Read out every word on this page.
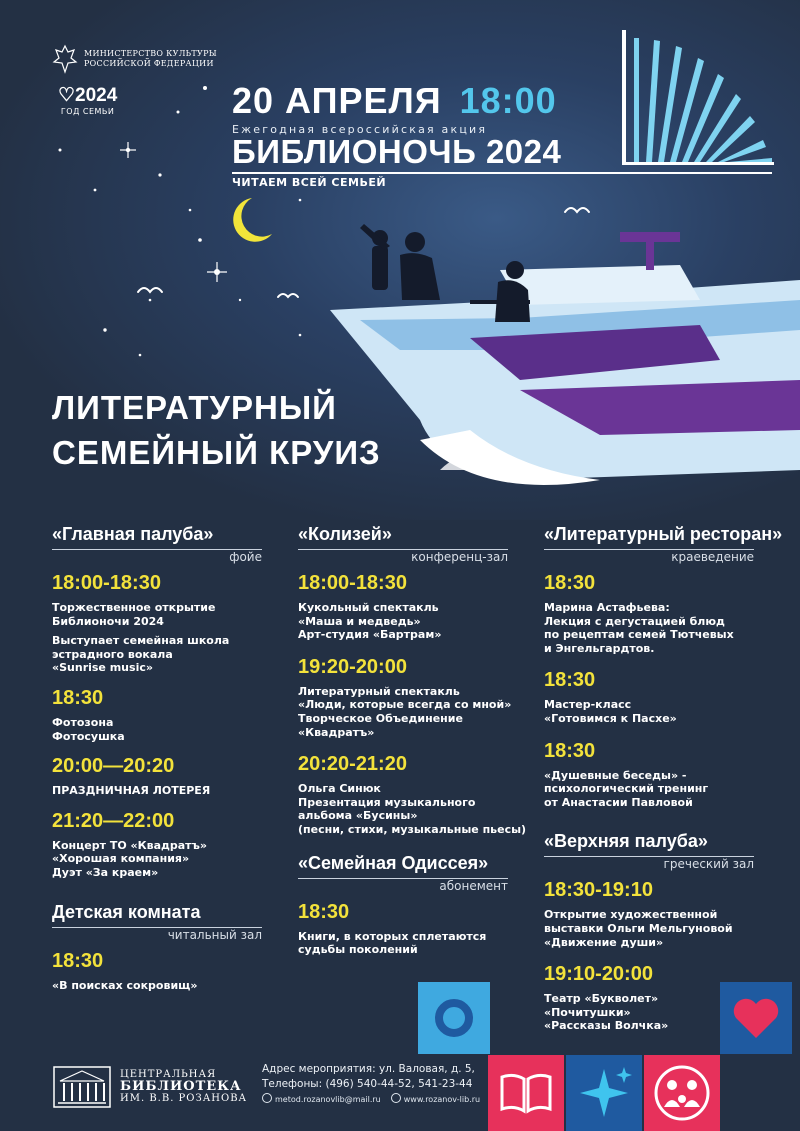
МИНИСТЕРСТВО КУЛЬТУРЫ
РОССИЙСКОЙ ФЕДЕРАЦИИ
♡2024
ГОД СЕМЬИ	20 АПРЕЛЯ 18:00
Ежегодная всероссийская акция
БИБЛИОНОЧЬ 2024
ЧИТАЕМ ВСЕЙ СЕМЬЕЙ
ЛИТЕРАТУРНЫЙ
СЕМЕЙНЫЙ КРУИЗ
«Главная палуба»
фойе
18:00-18:30
Торжественное открытие
Библионочи 2024
Выступает семейная школа
эстрадного вокала
«Sunrise music»
18:30
Фотозона
Фотосушка
20:00—20:20
ПРАЗДНИЧНАЯ ЛОТЕРЕЯ
21:20—22:00
Концерт ТО «Квадратъ»
«Хорошая компания»
Дуэт «За краем»
Детская комната
читальный зал
18:30
«В поисках сокровищ»
«Колизей»
конференц-зал
18:00-18:30
Кукольный спектакль
«Маша и медведь»
Арт-студия «Бартрам»
19:20-20:00
Литературный спектакль
«Люди, которые всегда со мной»
Творческое Объединение
«Квадратъ»
20:20-21:20
Ольга Синюк
Презентация музыкального
альбома «Бусины»
(песни, стихи, музыкальные пьесы)
«Семейная Одиссея»
абонемент
18:30
Книги, в которых сплетаются
судьбы поколений
«Литературный ресторан»
краеведение
18:30
Марина Астафьева:
Лекция с дегустацией блюд
по рецептам семей Тютчевых
и Энгельгардтов.
18:30
Мастер-класс
«Готовимся к Пасхе»
18:30
«Душевные беседы» -
психологический тренинг
от Анастасии Павловой
«Верхняя палуба»
греческий зал
18:30-19:10
Открытие художественной
выставки Ольги Мельгуновой
«Движение души»
19:10-20:00
Театр «Букволет»
«Почитушки»
«Рассказы Волчка»
ЦЕНТРАЛЬНАЯ
БИБЛИОТЕКА
ИМ. В.В. РОЗАНОВА
Адрес мероприятия: ул. Валовая, д. 5,
Телефоны: (496) 540-44-52, 541-23-44
metod.rozanovlib@mail.ru	www.rozanov-lib.ru
